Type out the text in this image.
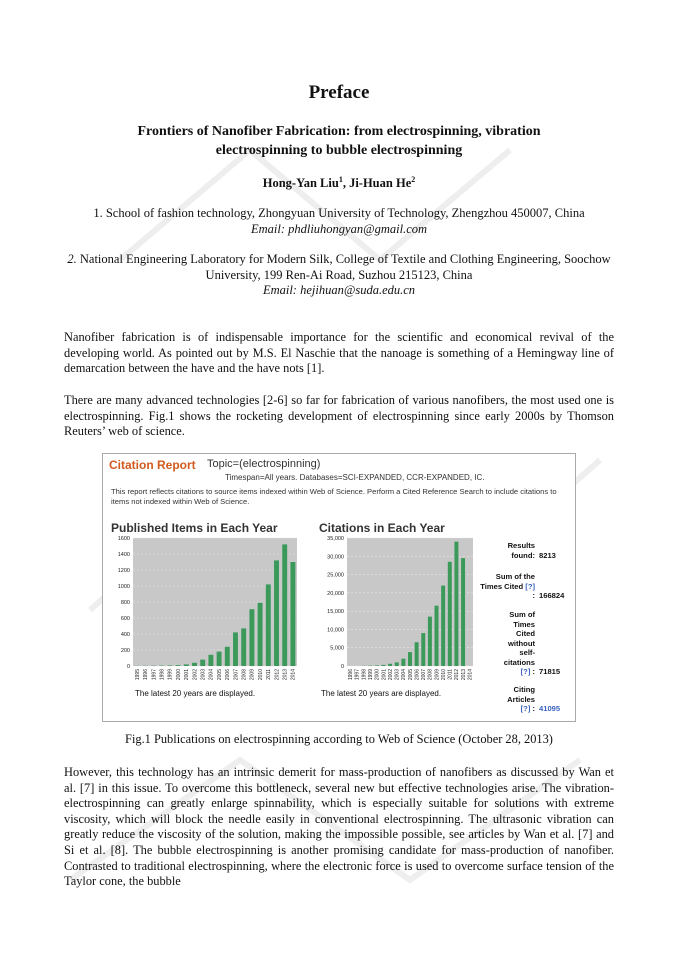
Preface
Frontiers of Nanofiber Fabrication: from electrospinning, vibration electrospinning to bubble electrospinning
Hong-Yan Liu$^1$, Ji-Huan He$^2$
1. School of fashion technology, Zhongyuan University of Technology, Zhengzhou 450007, China
Email: phdliuhongyan@gmail.com
2. National Engineering Laboratory for Modern Silk, College of Textile and Clothing Engineering, Soochow University, 199 Ren-Ai Road, Suzhou 215123, China
Email: hejihuan@suda.edu.cn
Nanofiber fabrication is of indispensable importance for the scientific and economical revival of the developing world. As pointed out by M.S. El Naschie that the nanoage is something of a Hemingway line of demarcation between the have and the have nots [1].
There are many advanced technologies [2-6] so far for fabrication of various nanofibers, the most used one is electrospinning. Fig.1 shows the rocketing development of electrospinning since early 2000s by Thomson Reuters’ web of science.
Citation Report Topic=(electrospinning)
Timespan=All years. Databases=SCI-EXPANDED, CCR-EXPANDED, IC.
This report reflects citations to source items indexed within Web of Science. Perform a Cited Reference Search to include citations to items not indexed within Web of Science.
Published Items in Each Year	Citations in Each Year
1600
1400
1200
1000
800
600
400
200
0
1995 1996 1997 1998 1999 2000 2001 2002 2003 2004 2005 2006 2007 2008 2009 2010 2011 2012 2013 2014
35,000
30,000
25,000
20,000
15,000
10,000
5,000
0
1996 1997 1998 1999 2000 2001 2002 2003 2004 2005 2006 2007 2008 2009 2010 2011 2012 2013 2014
The latest 20 years are displayed.	The latest 20 years are displayed.
Results found: 8213
Sum of the Times Cited [?] : 166824
Sum of Times Cited without self-citations
[?] : 71815
Citing Articles
[?] : 41095
Fig.1 Publications on electrospinning according to Web of Science (October 28, 2013)
However, this technology has an intrinsic demerit for mass-production of nanofibers as discussed by Wan et al. [7] in this issue. To overcome this bottleneck, several new but effective technologies arise. The vibration-electrospinning can greatly enlarge spinnability, which is especially suitable for solutions with extreme viscosity, which will block the needle easily in conventional electrospinning. The ultrasonic vibration can greatly reduce the viscosity of the solution, making the impossible possible, see articles by Wan et al. [7] and Si et al. [8]. The bubble electrospinning is another promising candidate for mass-production of nanofiber. Contrasted to traditional electrospinning, where the electronic force is used to overcome surface tension of the Taylor cone, the bubble
